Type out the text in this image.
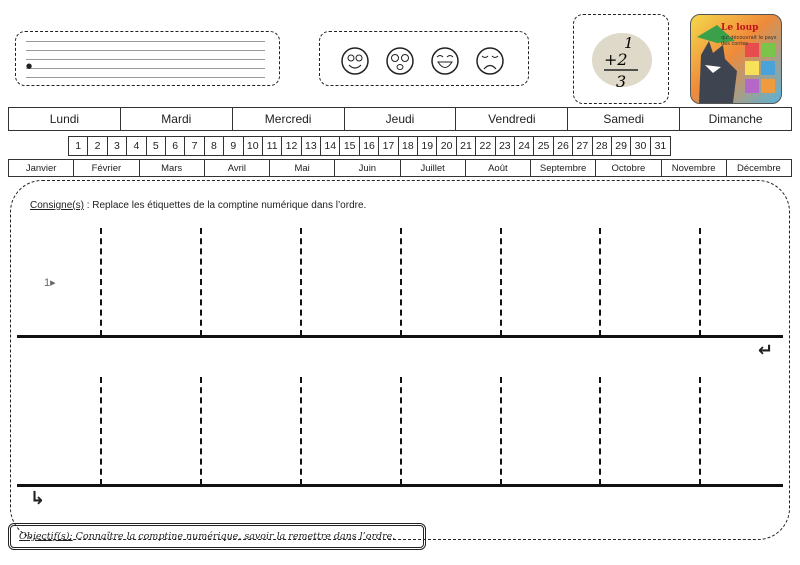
●
1
+2
3
Le loup
qui découvrait le pays des contes
Lundi	Mardi	Mercredi	Jeudi	Vendredi	Samedi	Dimanche
1	2	3	4	5	6	7	8	9	10 11 12 13 14 15 16 17 18 19 20 21 22 23 24 25 26 27 28 29 30 31
Janvier	Février	Mars	Avril	Mai	Juin	Juillet	Août	Septembre	Octobre	Novembre	Décembre
Consigne(s) : Replace les étiquettes de la comptine numérique dans l’ordre.
1▸
↵
↳
Objectif(s): Connaître la comptine numérique, savoir la remettre dans l’ordre.
